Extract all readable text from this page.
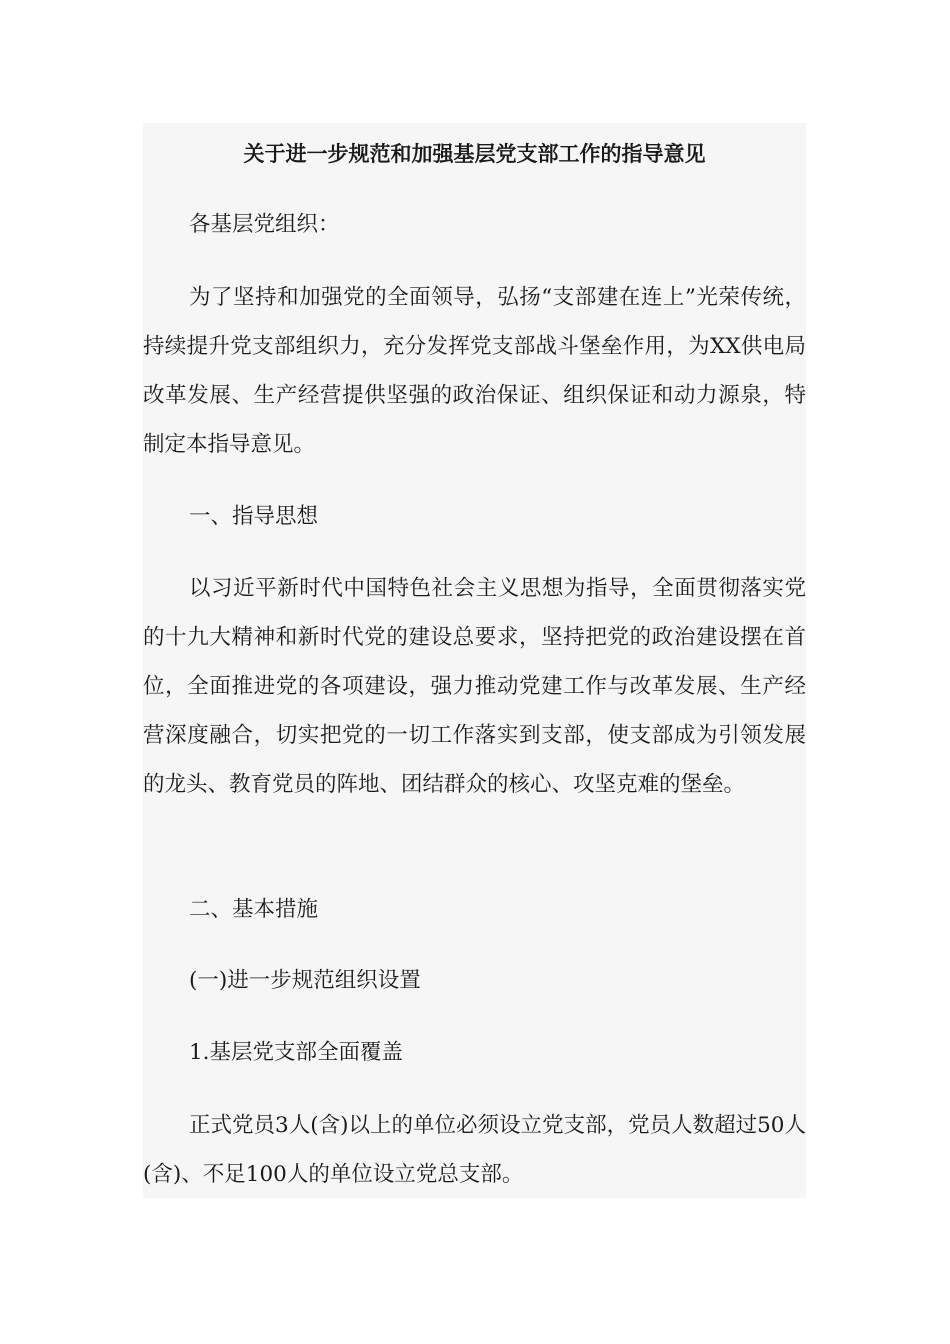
关于进一步规范和加强基层党支部工作的指导意见

各基层党组织：

为了坚持和加强党的全面领导，弘扬“支部建在连上”光荣传统，持续提升党支部组织力，充分发挥党支部战斗堡垒作用，为XX供电局改革发展、生产经营提供坚强的政治保证、组织保证和动力源泉，特制定本指导意见。

一、指导思想

以习近平新时代中国特色社会主义思想为指导，全面贯彻落实党的十九大精神和新时代党的建设总要求，坚持把党的政治建设摆在首位，全面推进党的各项建设，强力推动党建工作与改革发展、生产经营深度融合，切实把党的一切工作落实到支部，使支部成为引领发展的龙头、教育党员的阵地、团结群众的核心、攻坚克难的堡垒。

二、基本措施

(一)进一步规范组织设置

1.基层党支部全面覆盖

正式党员3人(含)以上的单位必须设立党支部，党员人数超过50人(含)、不足100人的单位设立党总支部。
